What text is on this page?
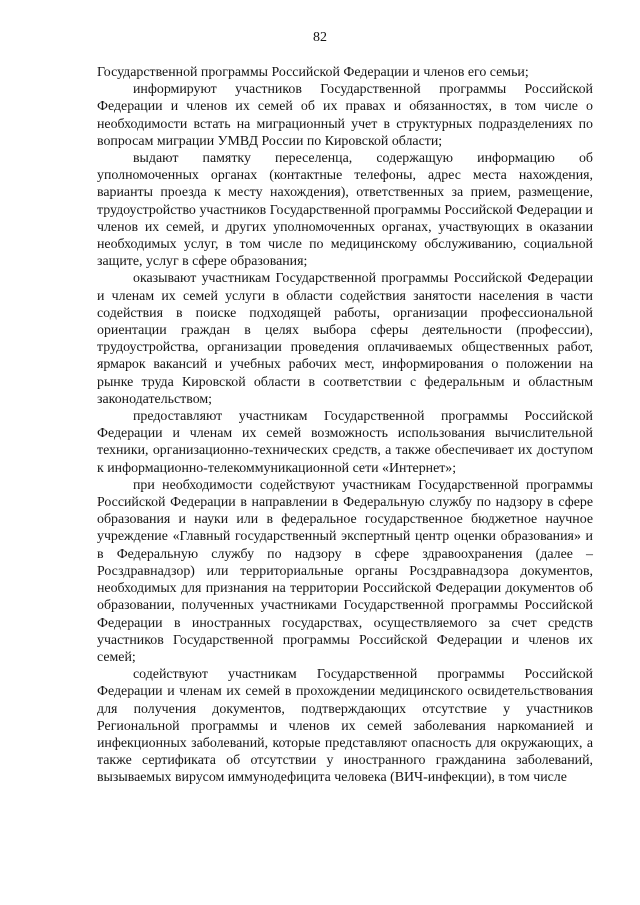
82

Государственной программы Российской Федерации и членов его семьи;

информируют участников Государственной программы Российской Федерации и членов их семей об их правах и обязанностях, в том числе о необходимости встать на миграционный учет в структурных подразделениях по вопросам миграции УМВД России по Кировской области;

выдают памятку переселенца, содержащую информацию об уполномоченных органах (контактные телефоны, адрес места нахождения, варианты проезда к месту нахождения), ответственных за прием, размещение, трудоустройство участников Государственной программы Российской Федерации и членов их семей, и других уполномоченных органах, участвующих в оказании необходимых услуг, в том числе по медицинскому обслуживанию, социальной защите, услуг в сфере образования;

оказывают участникам Государственной программы Российской Федерации и членам их семей услуги в области содействия занятости населения в части содействия в поиске подходящей работы, организации профессиональной ориентации граждан в целях выбора сферы деятельности (профессии), трудоустройства, организации проведения оплачиваемых общественных работ, ярмарок вакансий и учебных рабочих мест, информирования о положении на рынке труда Кировской области в соответствии с федеральным и областным законодательством;

предоставляют участникам Государственной программы Российской Федерации и членам их семей возможность использования вычислительной техники, организационно-технических средств, а также обеспечивает их доступом к информационно-телекоммуникационной сети «Интернет»;

при необходимости содействуют участникам Государственной программы Российской Федерации в направлении в Федеральную службу по надзору в сфере образования и науки или в федеральное государственное бюджетное научное учреждение «Главный государственный экспертный центр оценки образования» и в Федеральную службу по надзору в сфере здравоохранения (далее – Росздравнадзор) или территориальные органы Росздравнадзора документов, необходимых для признания на территории Российской Федерации документов об образовании, полученных участниками Государственной программы Российской Федерации в иностранных государствах, осуществляемого за счет средств участников Государственной программы Российской Федерации и членов их семей;

содействуют участникам Государственной программы Российской Федерации и членам их семей в прохождении медицинского освидетельствования для получения документов, подтверждающих отсутствие у участников Региональной программы и членов их семей заболевания наркоманией и инфекционных заболеваний, которые представляют опасность для окружающих, а также сертификата об отсутствии у иностранного гражданина заболеваний, вызываемых вирусом иммунодефицита человека (ВИЧ-инфекции), в том числе
